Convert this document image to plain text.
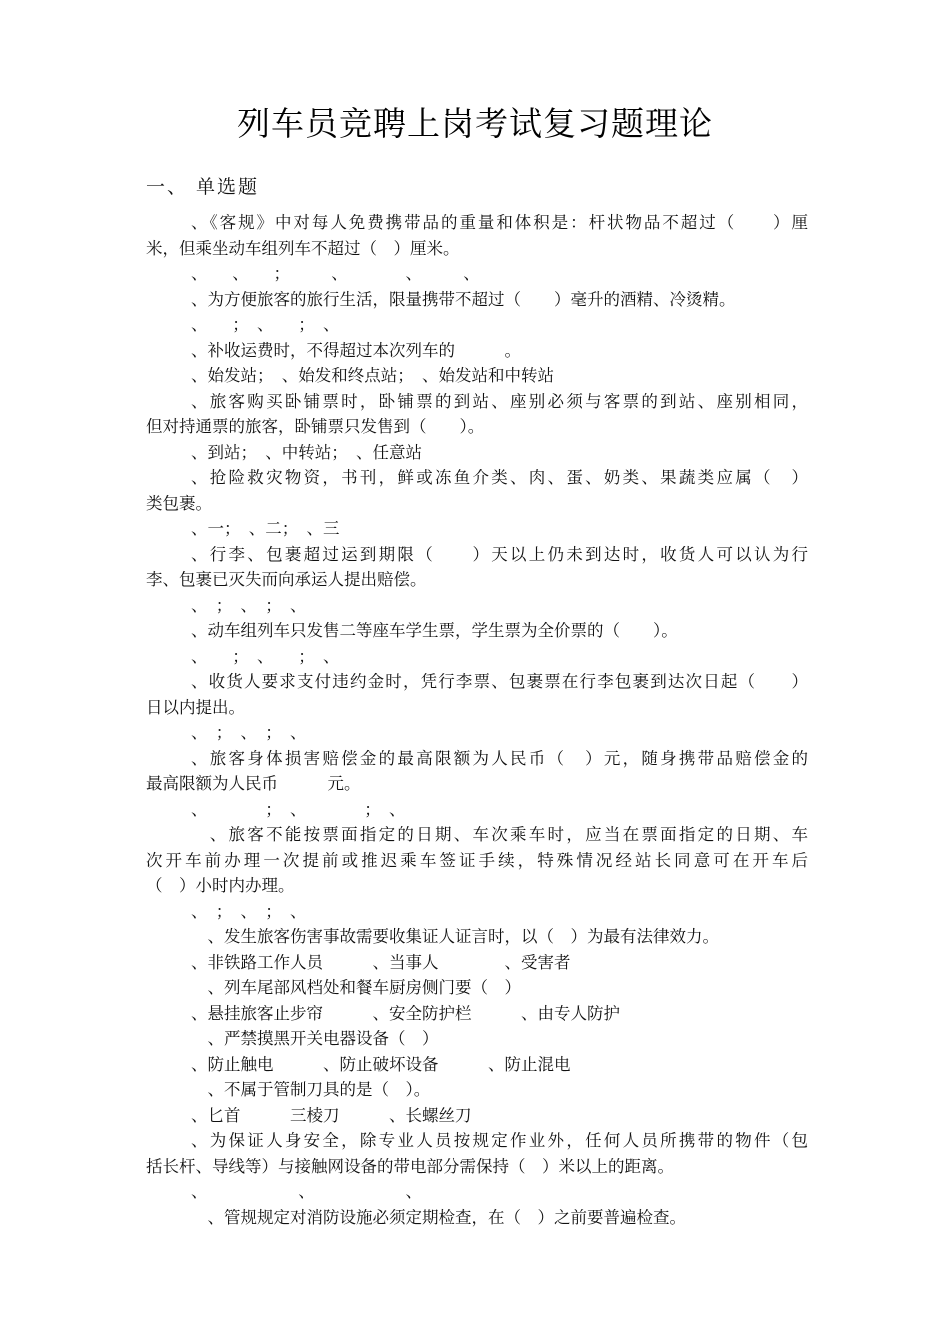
列车员竞聘上岗考试复习题理论
一、 单选题
、《客规》中对每人免费携带品的重量和体积是：杆状物品不超过（　　）厘
米，但乘坐动车组列车不超过（　）厘米。
、　　、　　；　　　、　　　　、　　　、
、为方便旅客的旅行生活，限量携带不超过（　　）毫升的酒精、冷烫精。
、　　；　、　　；　、
、补收运费时，不得超过本次列车的　　　。
、始发站；　、始发和终点站；　、始发站和中转站
、旅客购买卧铺票时，卧铺票的到站、座别必须与客票的到站、座别相同，
但对持通票的旅客，卧铺票只发售到（　　）。
、到站；　、中转站；　、任意站
、抢险救灾物资，书刊，鲜或冻鱼介类、肉、蛋、奶类、果蔬类应属（　）
类包裹。
、一；　、二；　、三
、行李、包裹超过运到期限（　　）天以上仍未到达时，收货人可以认为行
李、包裹已灭失而向承运人提出赔偿。
、　；　、　；　、
、动车组列车只发售二等座车学生票，学生票为全价票的（　　）。
、　　；　、　　；　、
、收货人要求支付违约金时，凭行李票、包裹票在行李包裹到达次日起（　　）
日以内提出。
、　；　、　；　、
、旅客身体损害赔偿金的最高限额为人民币（　）元，随身携带品赔偿金的
最高限额为人民币　　　元。
、　　　　；　、　　　　；　、
　、旅客不能按票面指定的日期、车次乘车时，应当在票面指定的日期、车
次开车前办理一次提前或推迟乘车签证手续，特殊情况经站长同意可在开车后
（　）小时内办理。
、　；　、　；　、
　、发生旅客伤害事故需要收集证人证言时，以（　）为最有法律效力。
、非铁路工作人员　　　、当事人　　　　、受害者
　、列车尾部风档处和餐车厨房侧门要（　）
、悬挂旅客止步帘　　　、安全防护栏　　　、由专人防护
　、严禁摸黑开关电器设备（　）
、防止触电　　　、防止破坏设备　　　、防止混电
　、不属于管制刀具的是（　）。
、匕首　　　三棱刀　　　、长螺丝刀
、为保证人身安全，除专业人员按规定作业外，任何人员所携带的物件（包
括长杆、导线等）与接触网设备的带电部分需保持（　）米以上的距离。
、　　　　　　、　　　　　　、
　、管规规定对消防设施必须定期检查，在（　）之前要普遍检查。
